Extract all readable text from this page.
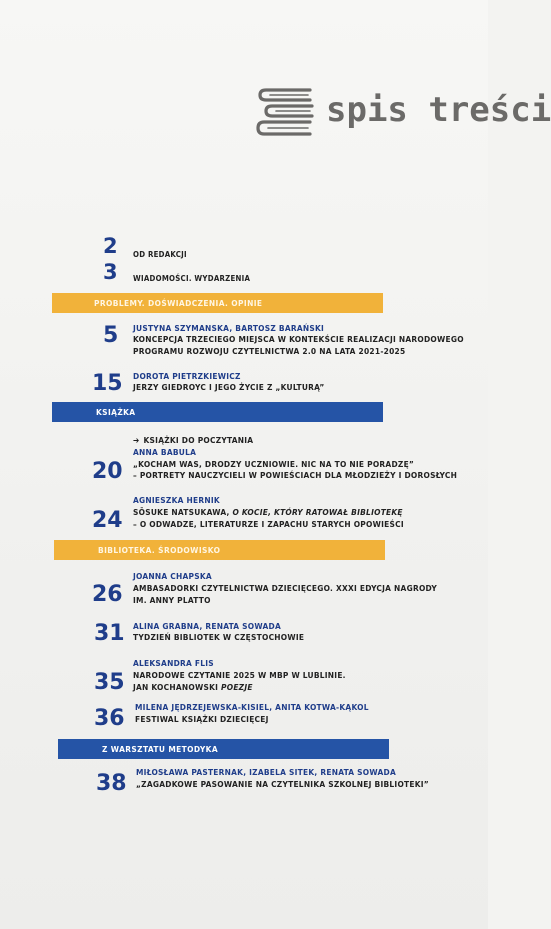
spis treści
2 OD REDAKCJI
3 WIADOMOŚCI. WYDARZENIA
PROBLEMY. DOŚWIADCZENIA. OPINIE
5 JUSTYNA SZYMANSKA, BARTOSZ BARAŃSKI
KONCEPCJA TRZECIEGO MIEJSCA W KONTEKŚCIE REALIZACJI NARODOWEGO
PROGRAMU ROZWOJU CZYTELNICTWA 2.0 NA LATA 2021-2025
15 DOROTA PIETRZKIEWICZ
JERZY GIEDROYC I JEGO ŻYCIE Z „KULTURĄ”
KSIĄŻKA
➔ KSIĄŻKI DO POCZYTANIA
20
ANNA BABULA
„KOCHAM WAS, DRODZY UCZNIOWIE. NIC NA TO NIE PORADZĘ”
– PORTRETY NAUCZYCIELI W POWIEŚCIACH DLA MŁODZIEŻY I DOROSŁYCH
24
AGNIESZKA HERNIK
SŌSUKE NATSUKAWA, O KOCIE, KTÓRY RATOWAŁ BIBLIOTEKĘ
– O ODWADZE, LITERATURZE I ZAPACHU STARYCH OPOWIEŚCI
BIBLIOTEKA. ŚRODOWISKO
26
JOANNA CHAPSKA
AMBASADORKI CZYTELNICTWA DZIECIĘCEGO. XXXI EDYCJA NAGRODY
IM. ANNY PLATTO
31 ALINA GRABNA, RENATA SOWADA
TYDZIEŃ BIBLIOTEK W CZĘSTOCHOWIE
35
ALEKSANDRA FLIS
NARODOWE CZYTANIE 2025 W MBP W LUBLINIE.
JAN KOCHANOWSKI POEZJE
36 MILENA JĘDRZEJEWSKA-KISIEL, ANITA KOTWA-KĄKOL
FESTIWAL KSIĄŻKI DZIECIĘCEJ
Z WARSZTATU METODYKA
38 MIŁOSŁAWA PASTERNAK, IZABELA SITEK, RENATA SOWADA
„ZAGADKOWE PASOWANIE NA CZYTELNIKA SZKOLNEJ BIBLIOTEKI”
